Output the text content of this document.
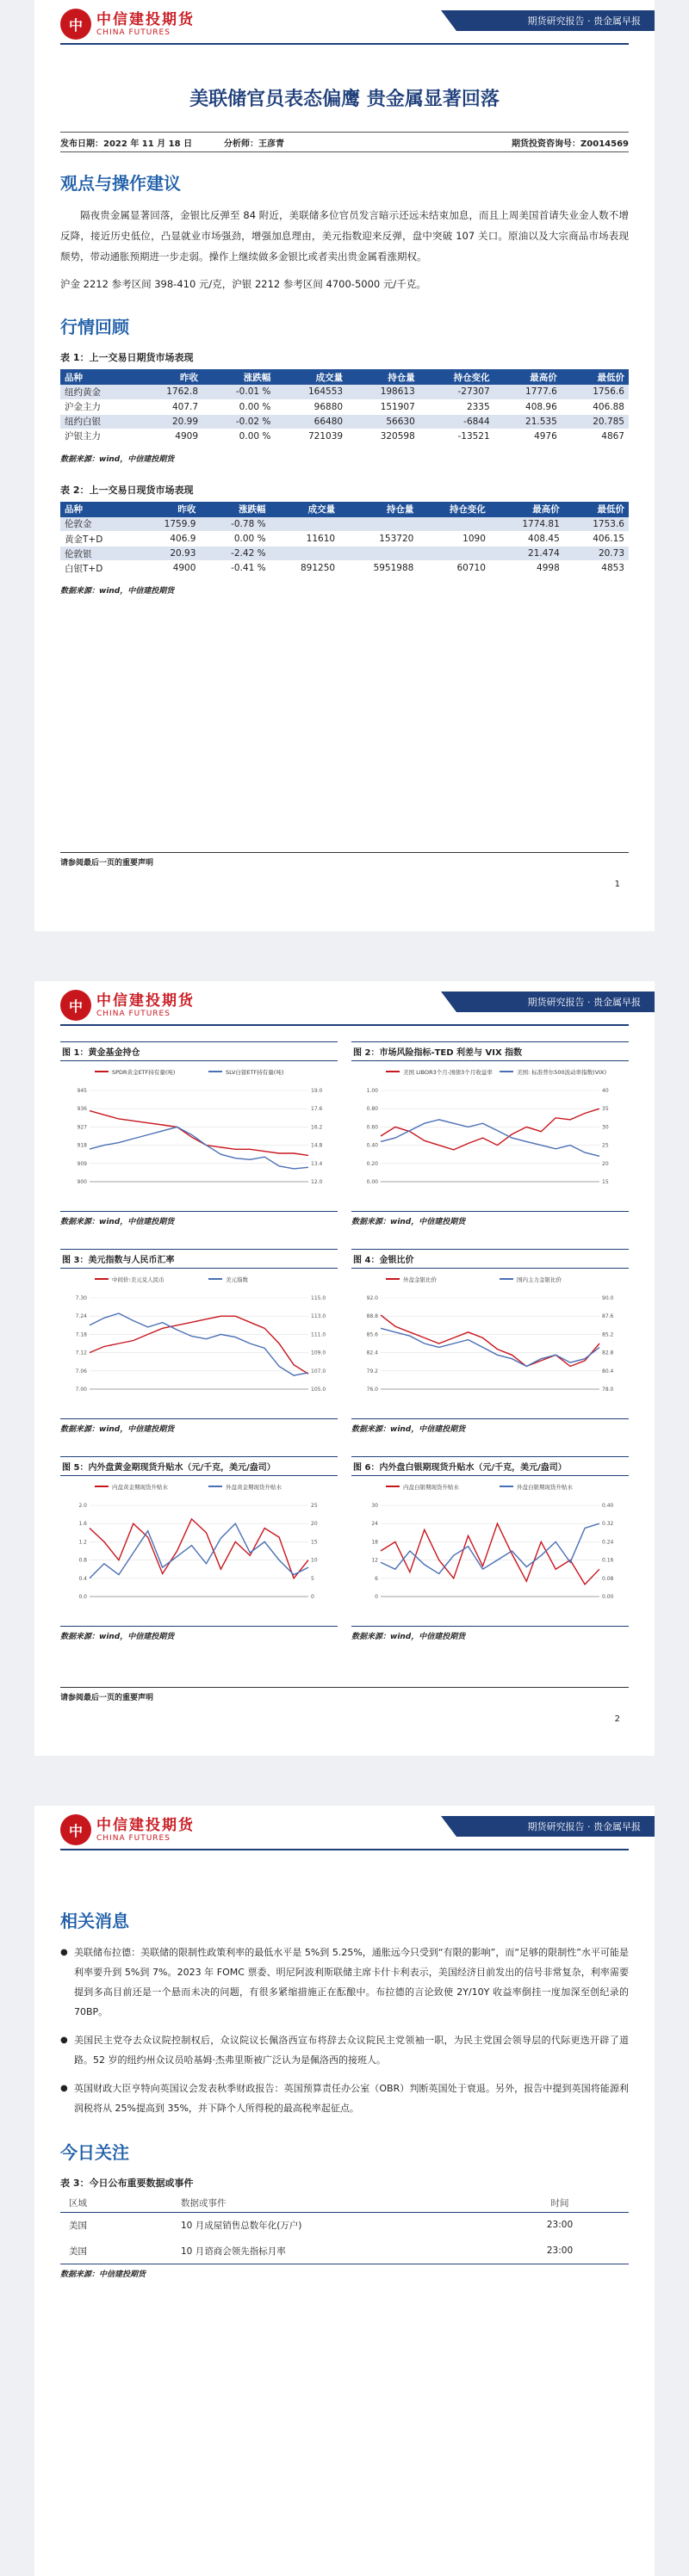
中 中信建投期货
CHINA FUTURES
期货研究报告 · 贵金属早报
美联储官员表态偏鹰 贵金属显著回落
发布日期：2022 年 11 月 18 日	分析师：王彦青	期货投资咨询号：Z0014569
观点与操作建议

隔夜贵金属显著回落，金银比反弹至 84 附近，美联储多位官员发言暗示还远未结束加息，而且上周美国首请失业金人数不增反降，接近历史低位，凸显就业市场强劲，增强加息理由，美元指数迎来反弹，盘中突破 107 关口。原油以及大宗商品市场表现颓势，带动通胀预期进一步走弱。操作上继续做多金银比或者卖出贵金属看涨期权。

沪金 2212 参考区间 398-410 元/克，沪银 2212 参考区间 4700-5000 元/千克。

行情回顾
表 1：上一交易日期货市场表现
品种	昨收	涨跌幅	成交量	持仓量	持仓变化	最高价	最低价
纽约黄金	1762.8	-0.01 %	164553	198613	-27307	1777.6	1756.6
沪金主力	407.7	0.00 %	96880	151907	2335	408.96	406.88
纽约白银	20.99	-0.02 %	66480	56630	-6844	21.535	20.785
沪银主力	4909	0.00 %	721039	320598	-13521	4976	4867
数据来源：wind，中信建投期货
表 2：上一交易日现货市场表现
品种	昨收	涨跌幅	成交量	持仓量	持仓变化	最高价	最低价
伦敦金	1759.9	-0.78 %				1774.81	1753.6
黄金T+D	406.9	0.00 %	11610	153720	1090	408.45	406.15
伦敦银	20.93	-2.42 %				21.474	20.73
白银T+D	4900	-0.41 %	891250	5951988	60710	4998	4853
数据来源：wind，中信建投期货
请参阅最后一页的重要声明
1
中 中信建投期货
CHINA FUTURES
期货研究报告 · 贵金属早报
图 1：黄金基金持仓
SPDR黄金ETF持有量(吨)	SLV白银ETF持有量(吨)
900
909
918
927
936
945
12.0
13.4
14.8
16.2
17.6
19.0
数据来源：wind，中信建投期货
图 2：市场风险指标-TED 利差与 VIX 指数
美国 LIBOR3个月-国债3个月收益率	美国: 标准普尔500波动率指数(VIX)
0.00
0.20
0.40
0.60
0.80
1.00
15
20
25
30
35
40
数据来源：wind，中信建投期货
图 3：美元指数与人民币汇率
中间价:美元兑人民币	美元指数
7.00
7.06
7.12
7.18
7.24
7.30
105.0
107.0
109.0
111.0
113.0
115.0
数据来源：wind，中信建投期货
图 4：金银比价
外盘金银比价	国内主力金银比价
76.0
79.2
82.4
85.6
88.8
92.0
78.0
80.4
82.8
85.2
87.6
90.0
数据来源：wind，中信建投期货
图 5：内外盘黄金期现货升贴水（元/千克，美元/盎司）
内盘黄金期现货升贴水	外盘黄金期现货升贴水
0.0
0.4
0.8
1.2
1.6
2.0
0
5
10
15
20
25
数据来源：wind，中信建投期货
图 6：内外盘白银期现货升贴水（元/千克，美元/盎司）
内盘白银期现货升贴水	外盘白银期现货升贴水
0
6
12
18
24
30
0.00
0.08
0.16
0.24
0.32
0.40
数据来源：wind，中信建投期货
请参阅最后一页的重要声明
2
中 中信建投期货
CHINA FUTURES
期货研究报告 · 贵金属早报
相关消息
● 美联储布拉德：美联储的限制性政策利率的最低水平是 5%到 5.25%，通胀远今只受到“有限的影响”，而“足够的限制性”水平可能是利率要升到 5%到 7%。2023 年 FOMC 票委、明尼阿波利斯联储主席卡什卡利表示，美国经济目前发出的信号非常复杂，利率需要提到多高目前还是一个悬而未决的问题，有很多紧缩措施正在酝酿中。布拉德的言论致使 2Y/10Y 收益率倒挂一度加深至创纪录的 70BP。
● 美国民主党夺去众议院控制权后，众议院议长佩洛西宣布将辞去众议院民主党领袖一职，为民主党国会领导层的代际更迭开辟了道路。52 岁的纽约州众议员哈基姆·杰弗里斯被广泛认为是佩洛西的接班人。
● 英国财政大臣亨特向英国议会发表秋季财政报告：英国预算责任办公室（OBR）判断英国处于衰退。另外，报告中提到英国将能源利润税将从 25%提高到 35%，并下降个人所得税的最高税率起征点。
今日关注
表 3：今日公布重要数据或事件
区域	数据或事件	时间
美国	10 月成屋销售总数年化(万户)	23:00
美国	10 月谘商会领先指标月率	23:00
数据来源：中信建投期货
